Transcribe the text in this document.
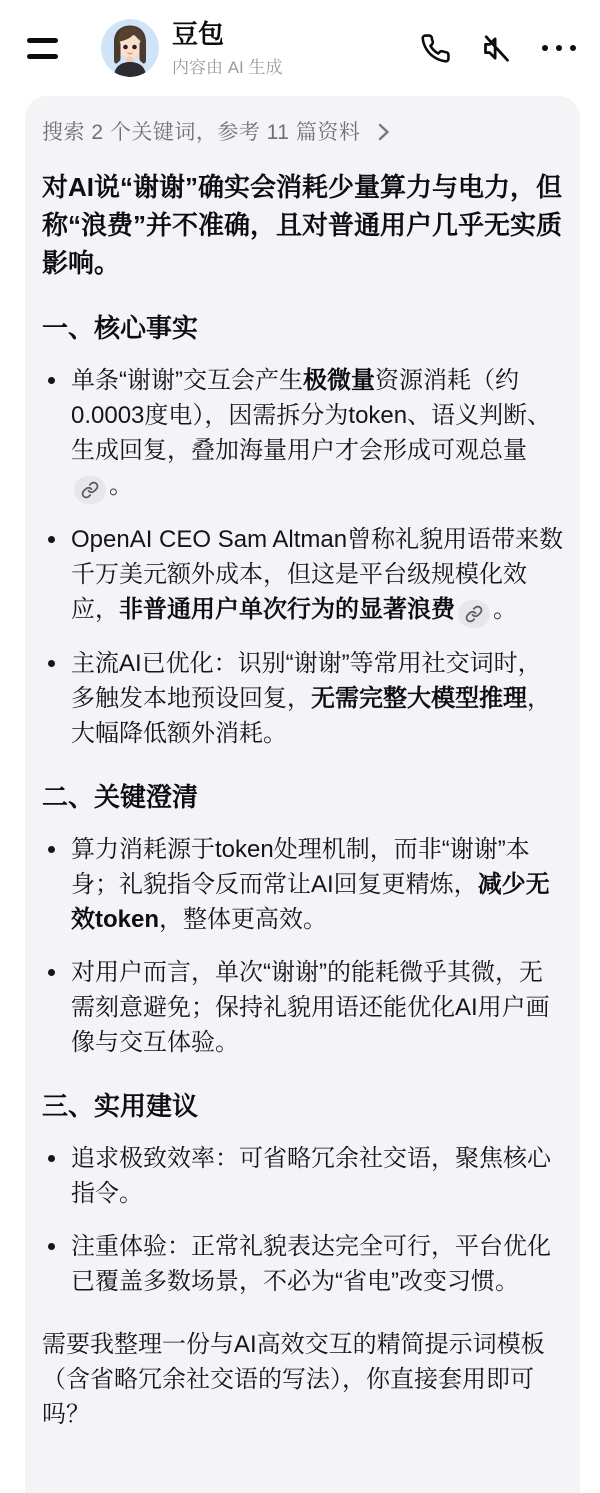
豆包
内容由 AI 生成
搜索 2 个关键词，参考 11 篇资料
对AI说“谢谢”确实会消耗少量算力与电力，但称“浪费”并不准确，且对普通用户几乎无实质影响。
一、核心事实
单条“谢谢”交互会产生极微量资源消耗（约0.0003度电），因需拆分为token、语义判断、生成回复，叠加海量用户才会形成可观总量
。
OpenAI CEO Sam Altman曾称礼貌用语带来数千万美元额外成本，但这是平台级规模化效应，非普通用户单次行为的显著浪费 。
主流AI已优化：识别“谢谢”等常用社交词时，多触发本地预设回复，无需完整大模型推理，大幅降低额外消耗。
二、关键澄清
算力消耗源于token处理机制，而非“谢谢”本身；礼貌指令反而常让AI回复更精炼，减少无效token，整体更高效。
对用户而言，单次“谢谢”的能耗微乎其微，无需刻意避免；保持礼貌用语还能优化AI用户画像与交互体验。
三、实用建议
追求极致效率：可省略冗余社交语，聚焦核心指令。
注重体验：正常礼貌表达完全可行，平台优化已覆盖多数场景，不必为“省电”改变习惯。
需要我整理一份与AI高效交互的精简提示词模板（含省略冗余社交语的写法），你直接套用即可吗？
